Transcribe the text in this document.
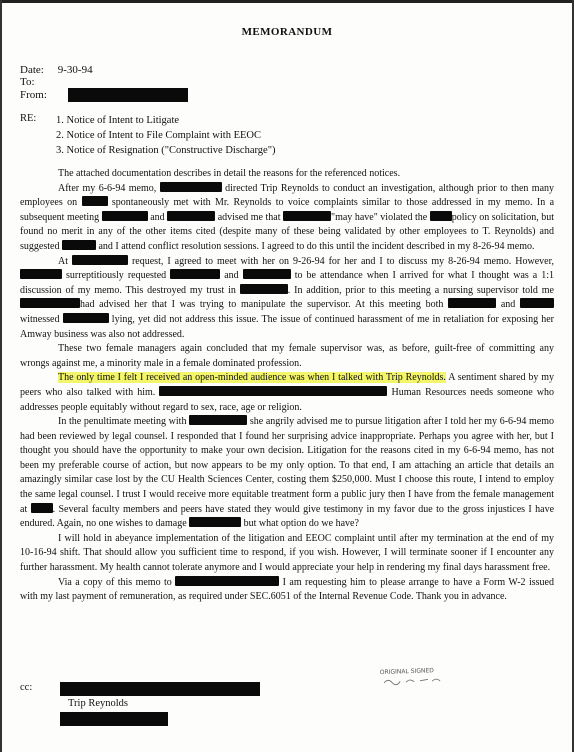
MEMORANDUM
Date: 9-30-94
To:
From:
RE: 1. Notice of Intent to Litigate
2. Notice of Intent to File Complaint with EEOC
3. Notice of Resignation ("Constructive Discharge")

The attached documentation describes in detail the reasons for the referenced notices.

After my 6-6-94 memo,	directed Trip Reynolds to conduct an investigation, although prior to then many employees on	spontaneously met with Mr. Reynolds to voice complaints similar to those addressed in my memo. In a subsequent meeting	and	advised me that	"may have" violated the policy on solicitation, but found no merit in any of the other items cited (despite many of these being validated by other employees to T. Reynolds) and suggested	and I attend conflict resolution sessions. I agreed to do this until the incident described in my 8-26-94 memo.

At	request, I agreed to meet with her on 9-26-94 for her and I to discuss my 8-26-94 memo. However,  surreptitiously requested	and	to be attendance when I arrived for what I thought was a 1:1 discussion of my memo. This destroyed my trust in	. In addition, prior to this meeting a nursing supervisor told me had advised her that I was trying to manipulate the supervisor. At this meeting both	and  witnessed	lying, yet did not address this issue. The issue of continued harassment of me in retaliation for exposing her Amway business was also not addressed.

These two female managers again concluded that my female supervisor was, as before, guilt-free of committing any wrongs against me, a minority male in a female dominated profession.

The only time I felt I received an open-minded audience was when I talked with Trip Reynolds. A sentiment shared by my peers who also talked with him.	Human Resources needs someone who addresses people equitably without regard to sex, race, age or religion.

In the penultimate meeting with	she angrily advised me to pursue litigation after I told her my 6-6-94 memo had been reviewed by legal counsel. I responded that I found her surprising advice inappropriate. Perhaps you agree with her, but I thought you should have the opportunity to make your own decision. Litigation for the reasons cited in my 6-6-94 memo, has not been my preferable course of action, but now appears to be my only option. To that end, I am attaching an article that details an amazingly similar case lost by the CU Health Sciences Center, costing them $250,000. Must I choose this route, I intend to employ the same legal counsel. I trust I would receive more equitable treatment form a public jury then I have from the female management at	. Several faculty members and peers have stated they would give testimony in my favor due to the gross injustices I have endured. Again, no one wishes to damage	but what option do we have?

I will hold in abeyance implementation of the litigation and EEOC complaint until after my termination at the end of my 10-16-94 shift. That should allow you sufficient time to respond, if you wish. However, I will terminate sooner if I encounter any further harassment. My health cannot tolerate anymore and I would appreciate your help in rendering my final days harassment free.

Via a copy of this memo to	I am requesting him to please arrange to have a Form W-2 issued with my last payment of remuneration, as required under SEC.6051 of the Internal Revenue Code. Thank you in advance.

ORIGINAL SIGNED

cc:
Trip Reynolds
